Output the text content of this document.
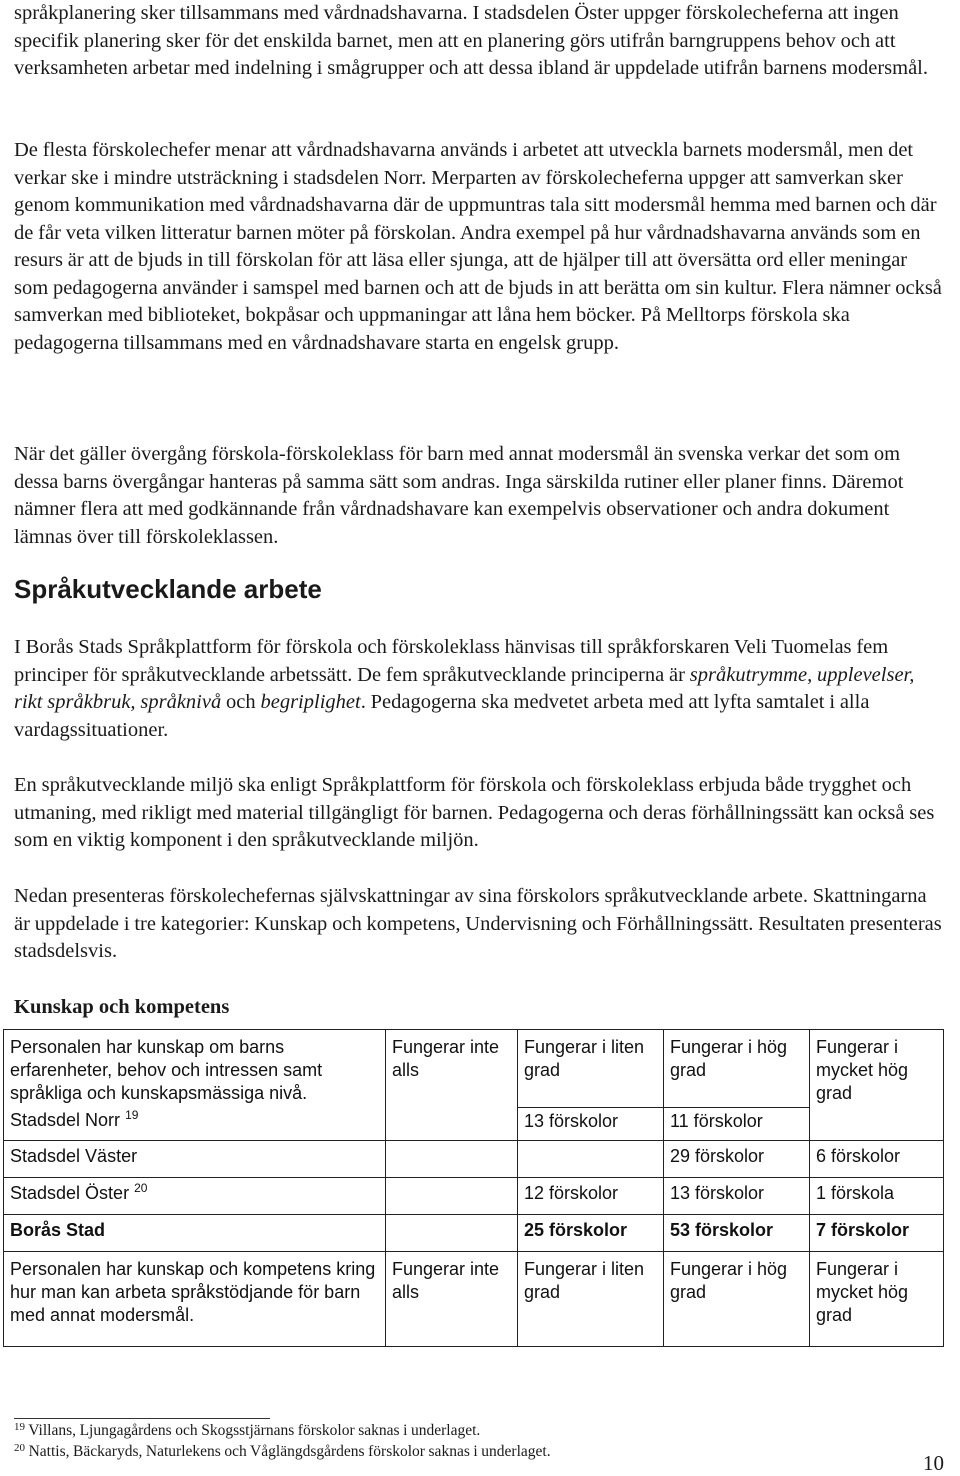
språkplanering sker tillsammans med vårdnadshavarna. I stadsdelen Öster uppger förskolecheferna att ingen specifik planering sker för det enskilda barnet, men att en planering görs utifrån barngruppens behov och att verksamheten arbetar med indelning i smågrupper och att dessa ibland är uppdelade utifrån barnens modersmål.

De flesta förskolechefer menar att vårdnadshavarna används i arbetet att utveckla barnets modersmål, men det verkar ske i mindre utsträckning i stadsdelen Norr. Merparten av förskolecheferna uppger att samverkan sker genom kommunikation med vårdnadshavarna där de uppmuntras tala sitt modersmål hemma med barnen och där de får veta vilken litteratur barnen möter på förskolan. Andra exempel på hur vårdnadshavarna används som en resurs är att de bjuds in till förskolan för att läsa eller sjunga, att de hjälper till att översätta ord eller meningar som pedagogerna använder i samspel med barnen och att de bjuds in att berätta om sin kultur. Flera nämner också samverkan med biblioteket, bokpåsar och uppmaningar att låna hem böcker. På Melltorps förskola ska pedagogerna tillsammans med en vårdnadshavare starta en engelsk grupp.

När det gäller övergång förskola-förskoleklass för barn med annat modersmål än svenska verkar det som om dessa barns övergångar hanteras på samma sätt som andras. Inga särskilda rutiner eller planer finns. Däremot nämner flera att med godkännande från vårdnadshavare kan exempelvis observationer och andra dokument lämnas över till förskoleklassen.

Språkutvecklande arbete

I Borås Stads Språkplattform för förskola och förskoleklass hänvisas till språkforskaren Veli Tuomelas fem principer för språkutvecklande arbetssätt. De fem språkutvecklande principerna är språkutrymme, upplevelser, rikt språkbruk, språknivå och begriplighet. Pedagogerna ska medvetet arbeta med att lyfta samtalet i alla vardagssituationer.

En språkutvecklande miljö ska enligt Språkplattform för förskola och förskoleklass erbjuda både trygghet och utmaning, med rikligt med material tillgängligt för barnen. Pedagogerna och deras förhållningssätt kan också ses som en viktig komponent i den språkutvecklande miljön.

Nedan presenteras förskolechefernas självskattningar av sina förskolors språkutvecklande arbete. Skattningarna är uppdelade i tre kategorier: Kunskap och kompetens, Undervisning och Förhållningssätt. Resultaten presenteras stadsdelsvis.

Kunskap och kompetens
Personalen har kunskap om barns erfarenheter, behov och intressen samt språkliga och kunskapsmässiga nivå.	Fungerar inte alls	Fungerar i liten grad	Fungerar i hög grad	Fungerar i mycket hög grad
Stadsdel Norr $^{19}$		13 förskolor	11 förskolor	
Stadsdel Väster			29 förskolor	6 förskolor
Stadsdel Öster $^{20}$		12 förskolor	13 förskolor	1 förskola
Borås Stad		25 förskolor	53 förskolor	7 förskolor
Personalen har kunskap och kompetens kring hur man kan arbeta språkstödjande för barn med annat modersmål.	Fungerar inte alls	Fungerar i liten grad	Fungerar i hög grad	Fungerar i mycket hög grad

$^{19}$ Villans, Ljungagårdens och Skogsstjärnans förskolor saknas i underlaget.

$^{20}$ Nattis, Bäckaryds, Naturlekens och Våglängdsgårdens förskolor saknas i underlaget.	10
